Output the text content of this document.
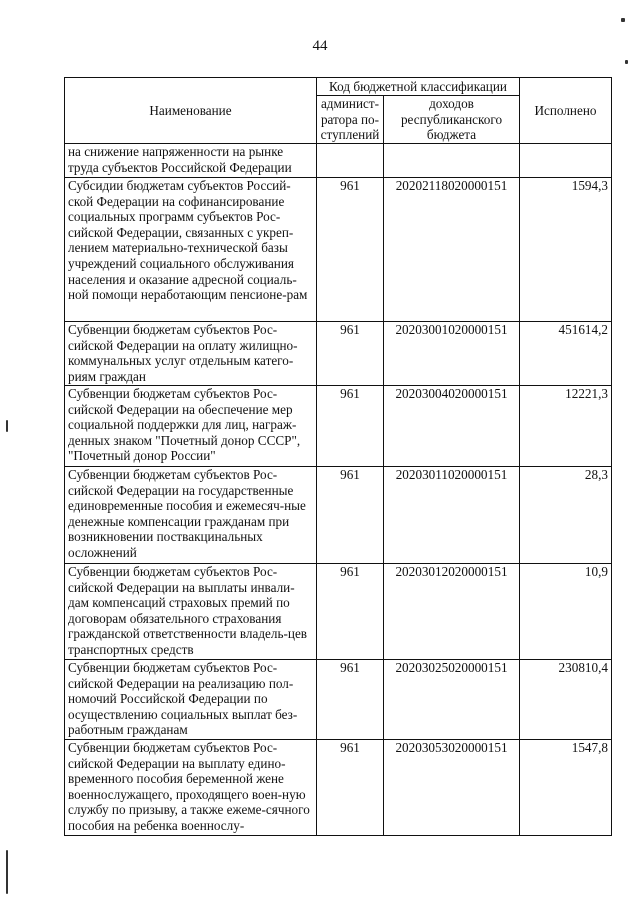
44
Наименование	Код бюджетной классификации		Исполнено
	админист-ратора по-ступлений	доходов республиканского бюджета	
на снижение напряженности на рынке труда субъектов Российской Федерации			
Субсидии бюджетам субъектов Россий-ской Федерации на софинансирование социальных программ субъектов Рос-сийской Федерации, связанных с укреп-лением материально-технической базы учреждений социального обслуживания населения и оказание адресной социаль-ной помощи неработающим пенсионе-рам	961	20202118020000151	1594,3
Субвенции бюджетам субъектов Рос-сийской Федерации на оплату жилищно-коммунальных услуг отдельным катего-риям граждан	961	20203001020000151	451614,2
Субвенции бюджетам субъектов Рос-сийской Федерации на обеспечение мер социальной поддержки для лиц, награж-денных знаком "Почетный донор СССР", "Почетный донор России"	961	20203004020000151	12221,3
Субвенции бюджетам субъектов Рос-сийской Федерации на государственные единовременные пособия и ежемесяч-ные денежные компенсации гражданам при возникновении поствакцинальных осложнений	961	20203011020000151	28,3
Субвенции бюджетам субъектов Рос-сийской Федерации на выплаты инвали-дам компенсаций страховых премий по договорам обязательного страхования гражданской ответственности владель-цев транспортных средств	961	20203012020000151	10,9
Субвенции бюджетам субъектов Рос-сийской Федерации на реализацию пол-номочий Российской Федерации по осуществлению социальных выплат без-работным гражданам	961	20203025020000151	230810,4
Субвенции бюджетам субъектов Рос-сийской Федерации на выплату едино-временного пособия беременной жене военнослужащего, проходящего воен-ную службу по призыву, а также ежеме-сячного пособия на ребенка военнослу-	961	20203053020000151	1547,8
